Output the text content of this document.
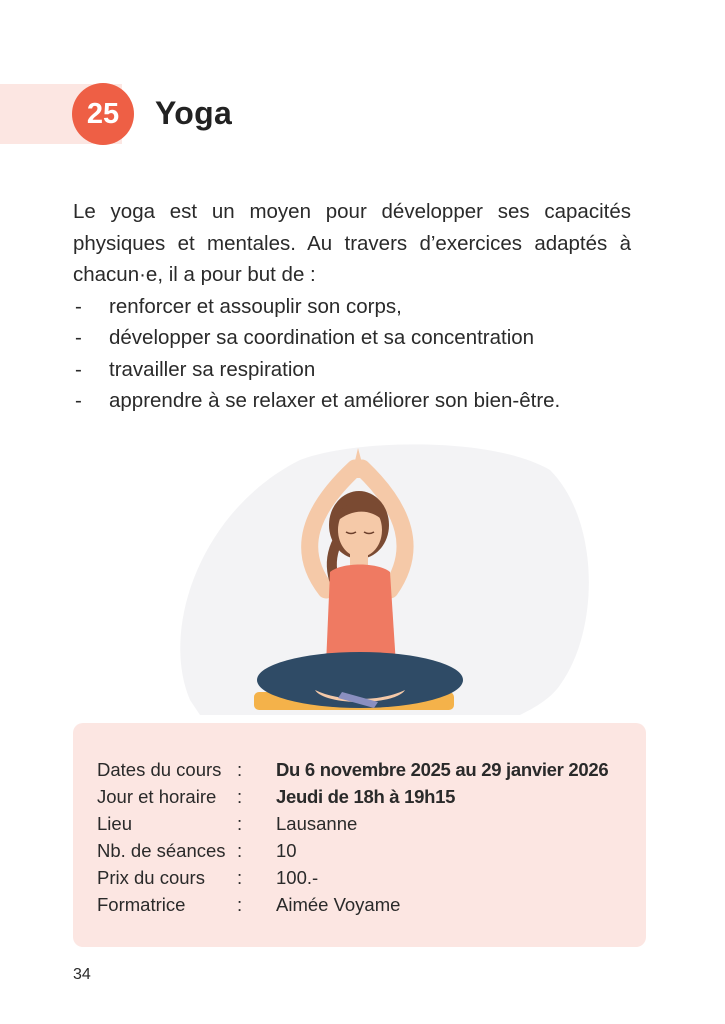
25	Yoga

Le yoga est un moyen pour développer ses capacités physiques et mentales. Au travers d’exercices adaptés à chacun·e, il a pour but de :

- renforcer et assouplir son corps,
- développer sa coordination et sa concentration
- travailler sa respiration
- apprendre à se relaxer et améliorer son bien-être.
Dates du cours	:	Du 6 novembre 2025 au 29 janvier 2026
Jour et horaire	:	Jeudi de 18h à 19h15
Lieu	:	Lausanne
Nb. de séances	:	10
Prix du cours	:	100.-
Formatrice	:	Aimée Voyame
34
